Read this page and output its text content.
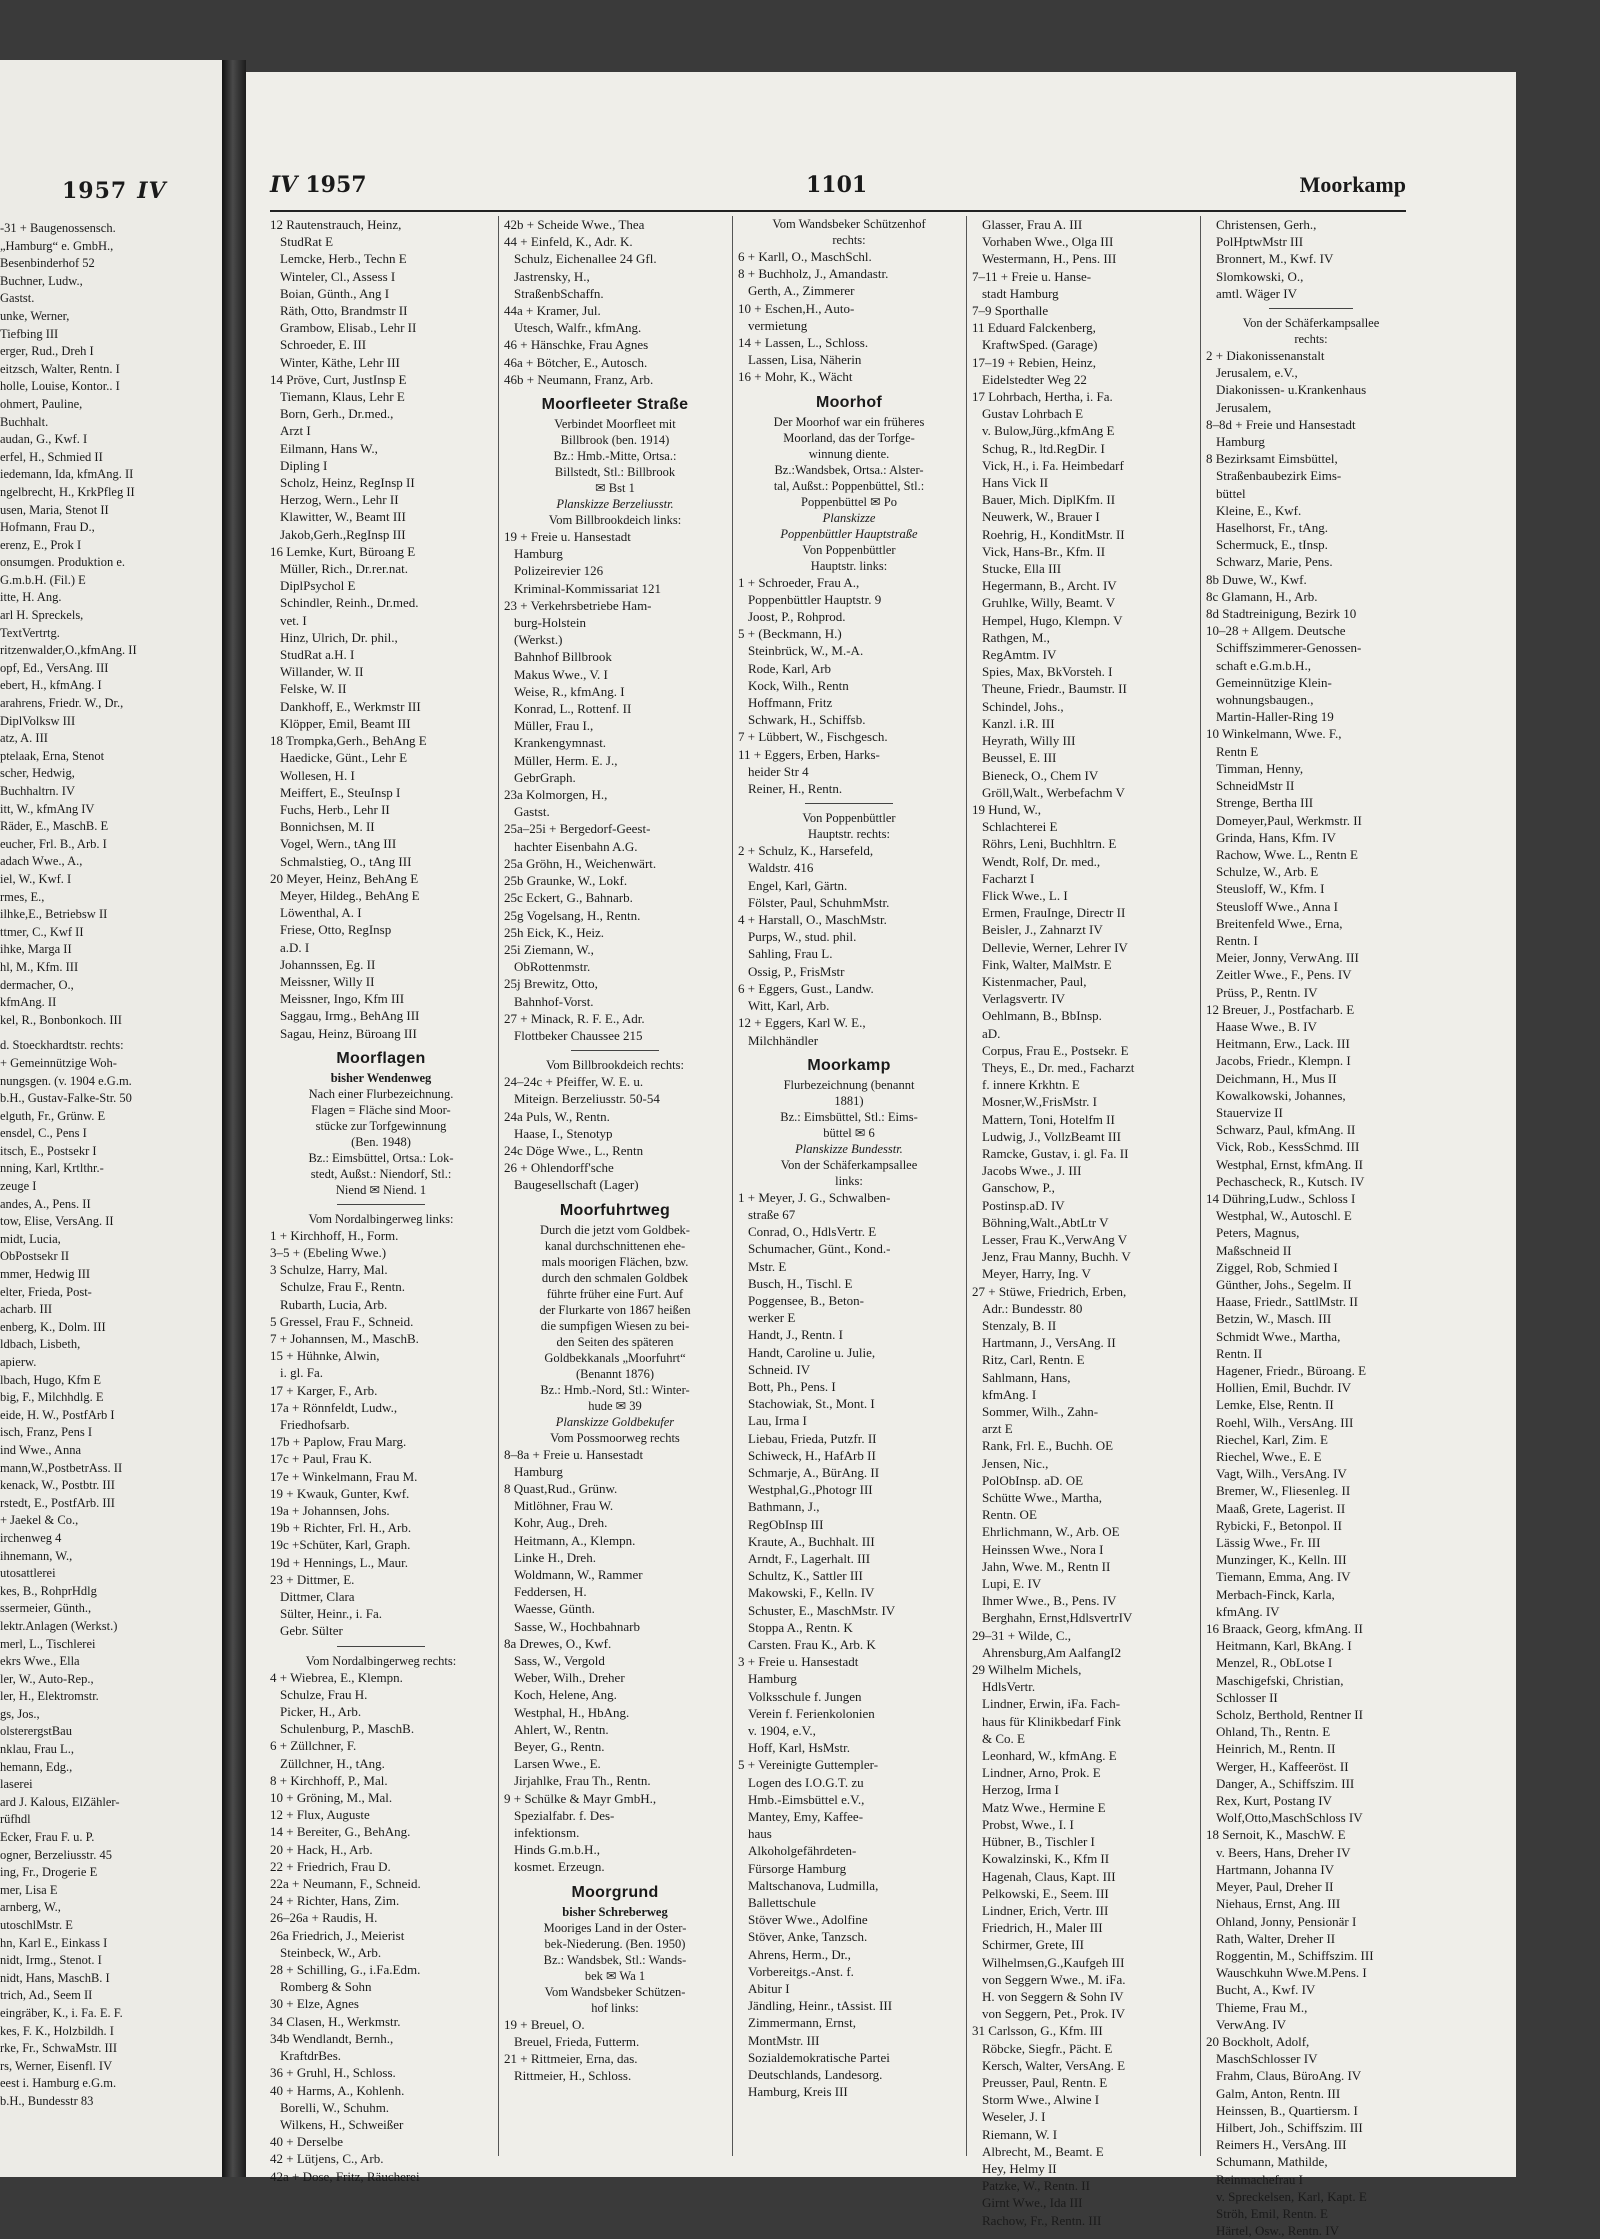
1957 IV
-31 + Baugenossensch.
„Hamburg“ e. GmbH.,
Besenbinderhof 52
Buchner, Ludw.,
Gastst.
unke, Werner,
Tiefbing III
erger, Rud., Dreh I
eitzsch, Walter, Rentn. I
holle, Louise, Kontor.. I
ohmert, Pauline,
Buchhalt.
audan, G., Kwf. I
erfel, H., Schmied II
iedemann, Ida, kfmAng. II
ngelbrecht, H., KrkPfleg II
usen, Maria, Stenot II
Hofmann, Frau D.,
erenz, E., Prok I
onsumgen. Produktion e.
G.m.b.H. (Fil.) E
itte, H. Ang.
arl H. Spreckels,
TextVertrtg.
ritzenwalder,O.,kfmAng. II
opf, Ed., VersAng. III
ebert, H., kfmAng. I
arahrens, Friedr. W., Dr.,
DiplVolksw III
atz, A. III
ptelaak, Erna, Stenot
scher, Hedwig,
Buchhaltrn. IV
itt, W., kfmAng IV
Räder, E., MaschB. E
eucher, Frl. B., Arb. I
adach Wwe., A.,
iel, W., Kwf. I
rmes, E.,
ilhke,E., Betriebsw II
ttmer, C., Kwf II
ihke, Marga II
hl, M., Kfm. III
dermacher, O.,
kfmAng. II
kel, R., Bonbonkoch. III
d. Stoeckhardtstr. rechts:
+ Gemeinnützige Woh-
nungsgen. (v. 1904 e.G.m.
b.H., Gustav-Falke-Str. 50
elguth, Fr., Grünw. E
ensdel, C., Pens I
itsch, E., Postsekr I
nning, Karl, Krtlthr.-
zeuge I
andes, A., Pens. II
tow, Elise, VersAng. II
midt, Lucia,
ObPostsekr II
mmer, Hedwig III
elter, Frieda, Post-
acharb. III
enberg, K., Dolm. III
ldbach, Lisbeth,
apierw.
lbach, Hugo, Kfm E
big, F., Milchhdlg. E
eide, H. W., PostfArb I
isch, Franz, Pens I
ind Wwe., Anna
mann,W.,PostbetrAss. II
kenack, W., Postbtr. III
rstedt, E., PostfArb. III
+ Jaekel & Co.,
irchenweg 4
ihnemann, W.,
utosattlerei
kes, B., RohprHdlg
ssermeier, Günth.,
lektr.Anlagen (Werkst.)
merl, L., Tischlerei
ekrs Wwe., Ella
ler, W., Auto-Rep.,
ler, H., Elektromstr.
gs, Jos.,
olsterergstBau
nklau, Frau L.,
hemann, Edg.,
laserei
ard J. Kalous, ElZähler-
rüfhdl
Ecker, Frau F. u. P.
ogner, Berzeliusstr. 45
ing, Fr., Drogerie E
mer, Lisa E
arnberg, W.,
utoschlMstr. E
hn, Karl E., Einkass I
nidt, Irmg., Stenot. I
nidt, Hans, MaschB. I
trich, Ad., Seem II
eingräber, K., i. Fa. E. F.
kes, F. K., Holzbildh. I
rke, Fr., SchwaMstr. III
rs, Werner, Eisenfl. IV
eest i. Hamburg e.G.m.
b.H., Bundesstr 83
IV 1957	1101	Moorkamp
12 Rautenstrauch, Heinz,
StudRat E
Lemcke, Herb., Techn E
Winteler, Cl., Assess I
Boian, Günth., Ang I
Räth, Otto, Brandmstr II
Grambow, Elisab., Lehr II
Schroeder, E. III
Winter, Käthe, Lehr III
14 Pröve, Curt, JustInsp E
Tiemann, Klaus, Lehr E
Born, Gerh., Dr.med.,
Arzt I
Eilmann, Hans W.,
Dipling I
Scholz, Heinz, RegInsp II
Herzog, Wern., Lehr II
Klawitter, W., Beamt III
Jakob,Gerh.,RegInsp III
16 Lemke, Kurt, Büroang E
Müller, Rich., Dr.rer.nat.
DiplPsychol E
Schindler, Reinh., Dr.med.
vet. I
Hinz, Ulrich, Dr. phil.,
StudRat a.H. I
Willander, W. II
Felske, W. II
Dankhoff, E., Werkmstr III
Klöpper, Emil, Beamt III
18 Trompka,Gerh., BehAng E
Haedicke, Günt., Lehr E
Wollesen, H. I
Meiffert, E., SteuInsp I
Fuchs, Herb., Lehr II
Bonnichsen, M. II
Vogel, Wern., tAng III
Schmalstieg, O., tAng III
20 Meyer, Heinz, BehAng E
Meyer, Hildeg., BehAng E
Löwenthal, A. I
Friese, Otto, RegInsp
a.D. I
Johannssen, Eg. II
Meissner, Willy II
Meissner, Ingo, Kfm III
Saggau, Irmg., BehAng III
Sagau, Heinz, Büroang III
Moorflagen
bisher Wendenweg
Nach einer Flurbezeichnung.
Flagen = Fläche sind Moor-
stücke zur Torfgewinnung
(Ben. 1948)
Bz.: Eimsbüttel, Ortsa.: Lok-
stedt, Außst.: Niendorf, Stl.:
Niend ✉ Niend. 1
Vom Nordalbingerweg links:
1 + Kirchhoff, H., Form.
3–5 + (Ebeling Wwe.)
3 Schulze, Harry, Mal.
Schulze, Frau F., Rentn.
Rubarth, Lucia, Arb.
5 Gressel, Frau F., Schneid.
7 + Johannsen, M., MaschB.
15 + Hühnke, Alwin,
i. gl. Fa.
17 + Karger, F., Arb.
17a + Rönnfeldt, Ludw.,
Friedhofsarb.
17b + Paplow, Frau Marg.
17c + Paul, Frau K.
17e + Winkelmann, Frau M.
19 + Kwauk, Gunter, Kwf.
19a + Johannsen, Johs.
19b + Richter, Frl. H., Arb.
19c +Schüter, Karl, Graph.
19d + Hennings, L., Maur.
23 + Dittmer, E.
Dittmer, Clara
Sülter, Heinr., i. Fa.
Gebr. Sülter
Vom Nordalbingerweg rechts:
4 + Wiebrea, E., Klempn.
Schulze, Frau H.
Picker, H., Arb.
Schulenburg, P., MaschB.
6 + Züllchner, F.
Züllchner, H., tAng.
8 + Kirchhoff, P., Mal.
10 + Gröning, M., Mal.
12 + Flux, Auguste
14 + Bereiter, G., BehAng.
20 + Hack, H., Arb.
22 + Friedrich, Frau D.
22a + Neumann, F., Schneid.
24 + Richter, Hans, Zim.
26–26a + Raudis, H.
26a Friedrich, J., Meierist
Steinbeck, W., Arb.
28 + Schilling, G., i.Fa.Edm.
Romberg & Sohn
30 + Elze, Agnes
34 Clasen, H., Werkmstr.
34b Wendlandt, Bernh.,
KraftdrBes.
36 + Gruhl, H., Schloss.
40 + Harms, A., Kohlenh.
Borelli, W., Schuhm.
Wilkens, H., Schweißer
40 + Derselbe
42 + Lütjens, C., Arb.
42a + Dose, Fritz, Räucherei
42b + Scheide Wwe., Thea
44 + Einfeld, K., Adr. K.
Schulz, Eichenallee 24 Gfl.
Jastrensky, H.,
StraßenbSchaffn.
44a + Kramer, Jul.
Utesch, Walfr., kfmAng.
46 + Hänschke, Frau Agnes
46a + Bötcher, E., Autosch.
46b + Neumann, Franz, Arb.
Moorfleeter Straße
Verbindet Moorfleet mit
Billbrook (ben. 1914)
Bz.: Hmb.-Mitte, Ortsa.:
Billstedt, Stl.: Billbrook
✉ Bst 1
Planskizze Berzeliusstr.
Vom Billbrookdeich links:
19 + Freie u. Hansestadt
Hamburg
Polizeirevier 126
Kriminal-Kommissariat 121
23 + Verkehrsbetriebe Ham-
burg-Holstein
(Werkst.)
Bahnhof Billbrook
Makus Wwe., V. I
Weise, R., kfmAng. I
Konrad, L., Rottenf. II
Müller, Frau I.,
Krankengymnast.
Müller, Herm. E. J.,
GebrGraph.
23a Kolmorgen, H.,
Gastst.
25a–25i + Bergedorf-Geest-
hachter Eisenbahn A.G.
25a Gröhn, H., Weichenwärt.
25b Graunke, W., Lokf.
25c Eckert, G., Bahnarb.
25g Vogelsang, H., Rentn.
25h Eick, K., Heiz.
25i Ziemann, W.,
ObRottenmstr.
25j Brewitz, Otto,
Bahnhof-Vorst.
27 + Minack, R. F. E., Adr.
Flottbeker Chaussee 215
Vom Billbrookdeich rechts:
24–24c + Pfeiffer, W. E. u.
Miteign. Berzeliusstr. 50-54
24a Puls, W., Rentn.
Haase, I., Stenotyp
24c Döge Wwe., L., Rentn
26 + Ohlendorff'sche
Baugesellschaft (Lager)
Moorfuhrtweg
Durch die jetzt vom Goldbek-
kanal durchschnittenen ehe-
mals moorigen Flächen, bzw.
durch den schmalen Goldbek
führte früher eine Furt. Auf
der Flurkarte von 1867 heißen
die sumpfigen Wiesen zu bei-
den Seiten des späteren
Goldbekkanals „Moorfuhrt“
(Benannt 1876)
Bz.: Hmb.-Nord, Stl.: Winter-
hude ✉ 39
Planskizze Goldbekufer
Vom Possmoorweg rechts
8–8a + Freie u. Hansestadt
Hamburg
8 Quast,Rud., Grünw.
Mitlöhner, Frau W.
Kohr, Aug., Dreh.
Heitmann, A., Klempn.
Linke H., Dreh.
Woldmann, W., Rammer
Feddersen, H.
Waesse, Günth.
Sasse, W., Hochbahnarb
8a Drewes, O., Kwf.
Sass, W., Vergold
Weber, Wilh., Dreher
Koch, Helene, Ang.
Westphal, H., HbAng.
Ahlert, W., Rentn.
Beyer, G., Rentn.
Larsen Wwe., E.
Jirjahlke, Frau Th., Rentn.
9 + Schülke & Mayr GmbH.,
Spezialfabr. f. Des-
infektionsm.
Hinds G.m.b.H.,
kosmet. Erzeugn.
Moorgrund
bisher Schreberweg
Mooriges Land in der Oster-
bek-Niederung. (Ben. 1950)
Bz.: Wandsbek, Stl.: Wands-
bek ✉ Wa 1
Vom Wandsbeker Schützen-
hof links:
19 + Breuel, O.
Breuel, Frieda, Futterm.
21 + Rittmeier, Erna, das.
Rittmeier, H., Schloss.
Vom Wandsbeker Schützenhof
rechts:
6 + Karll, O., MaschSchl.
8 + Buchholz, J., Amandastr.
Gerth, A., Zimmerer
10 + Eschen,H., Auto-
vermietung
14 + Lassen, L., Schloss.
Lassen, Lisa, Näherin
16 + Mohr, K., Wächt
Moorhof
Der Moorhof war ein früheres
Moorland, das der Torfge-
winnung diente.
Bz.:Wandsbek, Ortsa.: Alster-
tal, Außst.: Poppenbüttel, Stl.:
Poppenbüttel ✉ Po
Planskizze
Poppenbüttler Hauptstraße
Von Poppenbüttler
Hauptstr. links:
1 + Schroeder, Frau A.,
Poppenbüttler Hauptstr. 9
Joost, P., Rohprod.
5 + (Beckmann, H.)
Steinbrück, W., M.-A.
Rode, Karl, Arb
Kock, Wilh., Rentn
Hoffmann, Fritz
Schwark, H., Schiffsb.
7 + Lübbert, W., Fischgesch.
11 + Eggers, Erben, Harks-
heider Str 4
Reiner, H., Rentn.
Von Poppenbüttler
Hauptstr. rechts:
2 + Schulz, K., Harsefeld,
Waldstr. 416
Engel, Karl, Gärtn.
Fölster, Paul, SchuhmMstr.
4 + Harstall, O., MaschMstr.
Purps, W., stud. phil.
Sahling, Frau L.
Ossig, P., FrisMstr
6 + Eggers, Gust., Landw.
Witt, Karl, Arb.
12 + Eggers, Karl W. E.,
Milchhändler
Moorkamp
Flurbezeichnung (benannt
1881)
Bz.: Eimsbüttel, Stl.: Eims-
büttel ✉ 6
Planskizze Bundesstr.
Von der Schäferkampsallee
links:
1 + Meyer, J. G., Schwalben-
straße 67
Conrad, O., HdlsVertr. E
Schumacher, Günt., Kond.-
Mstr. E
Busch, H., Tischl. E
Poggensee, B., Beton-
werker E
Handt, J., Rentn. I
Handt, Caroline u. Julie,
Schneid. IV
Bott, Ph., Pens. I
Stachowiak, St., Mont. I
Lau, Irma I
Liebau, Frieda, Putzfr. II
Schiweck, H., HafArb II
Schmarje, A., BürAng. II
Westphal,G.,Photogr III
Bathmann, J.,
RegObInsp III
Kraute, A., Buchhalt. III
Arndt, F., Lagerhalt. III
Schultz, K., Sattler III
Makowski, F., Kelln. IV
Schuster, E., MaschMstr. IV
Stoppa A., Rentn. K
Carsten. Frau K., Arb. K
3 + Freie u. Hansestadt
Hamburg
Volksschule f. Jungen
Verein f. Ferienkolonien
v. 1904, e.V.,
Hoff, Karl, HsMstr.
5 + Vereinigte Guttempler-
Logen des I.O.G.T. zu
Hmb.-Eimsbüttel e.V.,
Mantey, Emy, Kaffee-
haus
Alkoholgefährdeten-
Fürsorge Hamburg
Maltschanova, Ludmilla,
Ballettschule
Stöver Wwe., Adolfine
Stöver, Anke, Tanzsch.
Ahrens, Herm., Dr.,
Vorbereitgs.-Anst. f.
Abitur I
Jändling, Heinr., tAssist. III
Zimmermann, Ernst,
MontMstr. III
Sozialdemokratische Partei
Deutschlands, Landesorg.
Hamburg, Kreis III
Glasser, Frau A. III
Vorhaben Wwe., Olga III
Westermann, H., Pens. III
7–11 + Freie u. Hanse-
stadt Hamburg
7–9 Sporthalle
11 Eduard Falckenberg,
KraftwSped. (Garage)
17–19 + Rebien, Heinz,
Eidelstedter Weg 22
17 Lohrbach, Hertha, i. Fa.
Gustav Lohrbach E
v. Bulow,Jürg.,kfmAng E
Schug, R., ltd.RegDir. I
Vick, H., i. Fa. Heimbedarf
Hans Vick II
Bauer, Mich. DiplKfm. II
Neuwerk, W., Brauer I
Roehrig, H., KonditMstr. II
Vick, Hans-Br., Kfm. II
Stucke, Ella III
Hegermann, B., Archt. IV
Gruhlke, Willy, Beamt. V
Hempel, Hugo, Klempn. V
Rathgen, M.,
RegAmtm. IV
Spies, Max, BkVorsteh. I
Theune, Friedr., Baumstr. II
Schindel, Johs.,
Kanzl. i.R. III
Heyrath, Willy III
Beussel, E. III
Bieneck, O., Chem IV
Gröll,Walt., Werbefachm V
19 Hund, W.,
Schlachterei E
Röhrs, Leni, Buchhltrn. E
Wendt, Rolf, Dr. med.,
Facharzt I
Flick Wwe., L. I
Ermen, FrauInge, Directr II
Beisler, J., Zahnarzt IV
Dellevie, Werner, Lehrer IV
Fink, Walter, MalMstr. E
Kistenmacher, Paul,
Verlagsvertr. IV
Oehlmann, B., BbInsp.
aD.
Corpus, Frau E., Postsekr. E
Theys, E., Dr. med., Facharzt
f. innere Krkhtn. E
Mosner,W.,FrisMstr. I
Mattern, Toni, Hotelfm II
Ludwig, J., VollzBeamt III
Ramcke, Gustav, i. gl. Fa. II
Jacobs Wwe., J. III
Ganschow, P.,
Postinsp.aD. IV
Böhning,Walt.,AbtLtr V
Lesser, Frau K.,VerwAng V
Jenz, Frau Manny, Buchh. V
Meyer, Harry, Ing. V
27 + Stüwe, Friedrich, Erben,
Adr.: Bundesstr. 80
Stenzaly, B. II
Hartmann, J., VersAng. II
Ritz, Carl, Rentn. E
Sahlmann, Hans,
kfmAng. I
Sommer, Wilh., Zahn-
arzt E
Rank, Frl. E., Buchh. OE
Jensen, Nic.,
PolObInsp. aD. OE
Schütte Wwe., Martha,
Rentn. OE
Ehrlichmann, W., Arb. OE
Heinssen Wwe., Nora I
Jahn, Wwe. M., Rentn II
Lupi, E. IV
Ihmer Wwe., B., Pens. IV
Berghahn, Ernst,HdlsvertrIV
29–31 + Wilde, C.,
Ahrensburg,Am AalfangI2
29 Wilhelm Michels,
HdlsVertr.
Lindner, Erwin, iFa. Fach-
haus für Klinikbedarf Fink
& Co. E
Leonhard, W., kfmAng. E
Lindner, Arno, Prok. E
Herzog, Irma I
Matz Wwe., Hermine E
Probst, Wwe., I. I
Hübner, B., Tischler I
Kowalzinski, K., Kfm II
Hagenah, Claus, Kapt. III
Pelkowski, E., Seem. III
Lindner, Erich, Vertr. III
Friedrich, H., Maler III
Schirmer, Grete, III
Wilhelmsen,G.,Kaufgeh III
von Seggern Wwe., M. iFa.
H. von Seggern & Sohn IV
von Seggern, Pet., Prok. IV
31 Carlsson, G., Kfm. III
Röbcke, Siegfr., Pächt. E
Kersch, Walter, VersAng. E
Preusser, Paul, Rentn. E
Storm Wwe., Alwine I
Weseler, J. I
Riemann, W. I
Albrecht, M., Beamt. E
Hey, Helmy II
Patzke, W., Rentn. II
Girnt Wwe., Ida III
Rachow, Fr., Rentn. III
Christensen, Gerh.,
PolHptwMstr III
Bronnert, M., Kwf. IV
Slomkowski, O.,
amtl. Wäger IV
Von der Schäferkampsallee
rechts:
2 + Diakonissenanstalt
Jerusalem, e.V.,
Diakonissen- u.Krankenhaus
Jerusalem,
8–8d + Freie und Hansestadt
Hamburg
8 Bezirksamt Eimsbüttel,
Straßenbaubezirk Eims-
büttel
Kleine, E., Kwf.
Haselhorst, Fr., tAng.
Schermuck, E., tInsp.
Schwarz, Marie, Pens.
8b Duwe, W., Kwf.
8c Glamann, H., Arb.
8d Stadtreinigung, Bezirk 10
10–28 + Allgem. Deutsche
Schiffszimmerer-Genossen-
schaft e.G.m.b.H.,
Gemeinnützige Klein-
wohnungsbaugen.,
Martin-Haller-Ring 19
10 Winkelmann, Wwe. F.,
Rentn E
Timman, Henny,
SchneidMstr II
Strenge, Bertha III
Domeyer,Paul, Werkmstr. II
Grinda, Hans, Kfm. IV
Rachow, Wwe. L., Rentn E
Schulze, W., Arb. E
Steusloff, W., Kfm. I
Steusloff Wwe., Anna I
Breitenfeld Wwe., Erna,
Rentn. I
Meier, Jonny, VerwAng. III
Zeitler Wwe., F., Pens. IV
Prüss, P., Rentn. IV
12 Breuer, J., Postfacharb. E
Haase Wwe., B. IV
Heitmann, Erw., Lack. III
Jacobs, Friedr., Klempn. I
Deichmann, H., Mus II
Kowalkowski, Johannes,
Stauervize II
Schwarz, Paul, kfmAng. II
Vick, Rob., KessSchmd. III
Westphal, Ernst, kfmAng. II
Pechascheck, R., Kutsch. IV
14 Dühring,Ludw., Schloss I
Westphal, W., Autoschl. E
Peters, Magnus,
Maßschneid II
Ziggel, Rob, Schmied I
Günther, Johs., Segelm. II
Haase, Friedr., SattlMstr. II
Betzin, W., Masch. III
Schmidt Wwe., Martha,
Rentn. II
Hagener, Friedr., Büroang. E
Hollien, Emil, Buchdr. IV
Lemke, Else, Rentn. II
Roehl, Wilh., VersAng. III
Riechel, Karl, Zim. E
Riechel, Wwe., E. E
Vagt, Wilh., VersAng. IV
Bremer, W., Fliesenleg. II
Maaß, Grete, Lagerist. II
Rybicki, F., Betonpol. II
Lässig Wwe., Fr. III
Munzinger, K., Kelln. III
Tiemann, Emma, Ang. IV
Merbach-Finck, Karla,
kfmAng. IV
16 Braack, Georg, kfmAng. II
Heitmann, Karl, BkAng. I
Menzel, R., ObLotse I
Maschigefski, Christian,
Schlosser II
Scholz, Berthold, Rentner II
Ohland, Th., Rentn. E
Heinrich, M., Rentn. II
Werger, H., Kaffeeröst. II
Danger, A., Schiffszim. III
Rex, Kurt, Postang IV
Wolf,Otto,MaschSchloss IV
18 Sernoit, K., MaschW. E
v. Beers, Hans, Dreher IV
Hartmann, Johanna IV
Meyer, Paul, Dreher II
Niehaus, Ernst, Ang. III
Ohland, Jonny, Pensionär I
Rath, Walter, Dreher II
Roggentin, M., Schiffszim. III
Wauschkuhn Wwe.M.Pens. I
Bucht, A., Kwf. IV
Thieme, Frau M.,
VerwAng. IV
20 Bockholt, Adolf,
MaschSchlosser IV
Frahm, Claus, BüroAng. IV
Galm, Anton, Rentn. III
Heinssen, B., Quartiersm. I
Hilbert, Joh., Schiffszim. III
Reimers H., VersAng. III
Schumann, Mathilde,
Reinmachefrau I
v. Spreckelsen, Karl, Kapt. E
Ströh, Emil, Rentn. E
Härtel, Osw., Rentn. IV
